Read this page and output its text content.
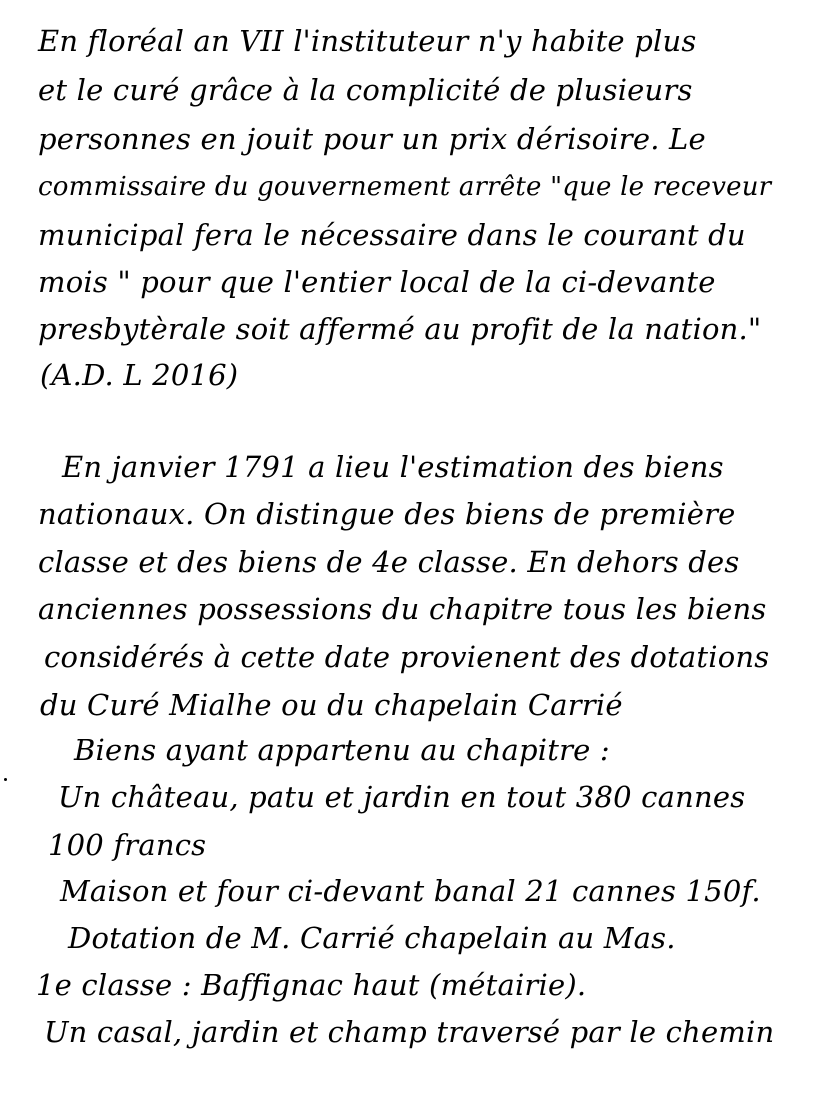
En floréal an VII l'instituteur n'y habite plus
et le curé grâce à la complicité de plusieurs
personnes en jouit pour un prix dérisoire. Le
commissaire du gouvernement arrête "que le receveur
municipal fera le nécessaire dans le courant du
mois " pour que l'entier local de la ci-devante
presbytèrale soit affermé au profit de la nation."
(A.D. L 2016)
En janvier 1791 a lieu l'estimation des biens
nationaux. On distingue des biens de première
classe et des biens de 4e classe. En dehors des
anciennes possessions du chapitre tous les biens
considérés à cette date provienent des dotations
du Curé Mialhe ou du chapelain Carrié
Biens ayant appartenu au chapitre :
Un château, patu et jardin en tout 380 cannes
100 francs
Maison et four ci-devant banal 21 cannes 150f.
Dotation de M. Carrié chapelain au Mas.
1e classe : Baffignac haut (métairie).
Un casal, jardin et champ traversé par le chemin
